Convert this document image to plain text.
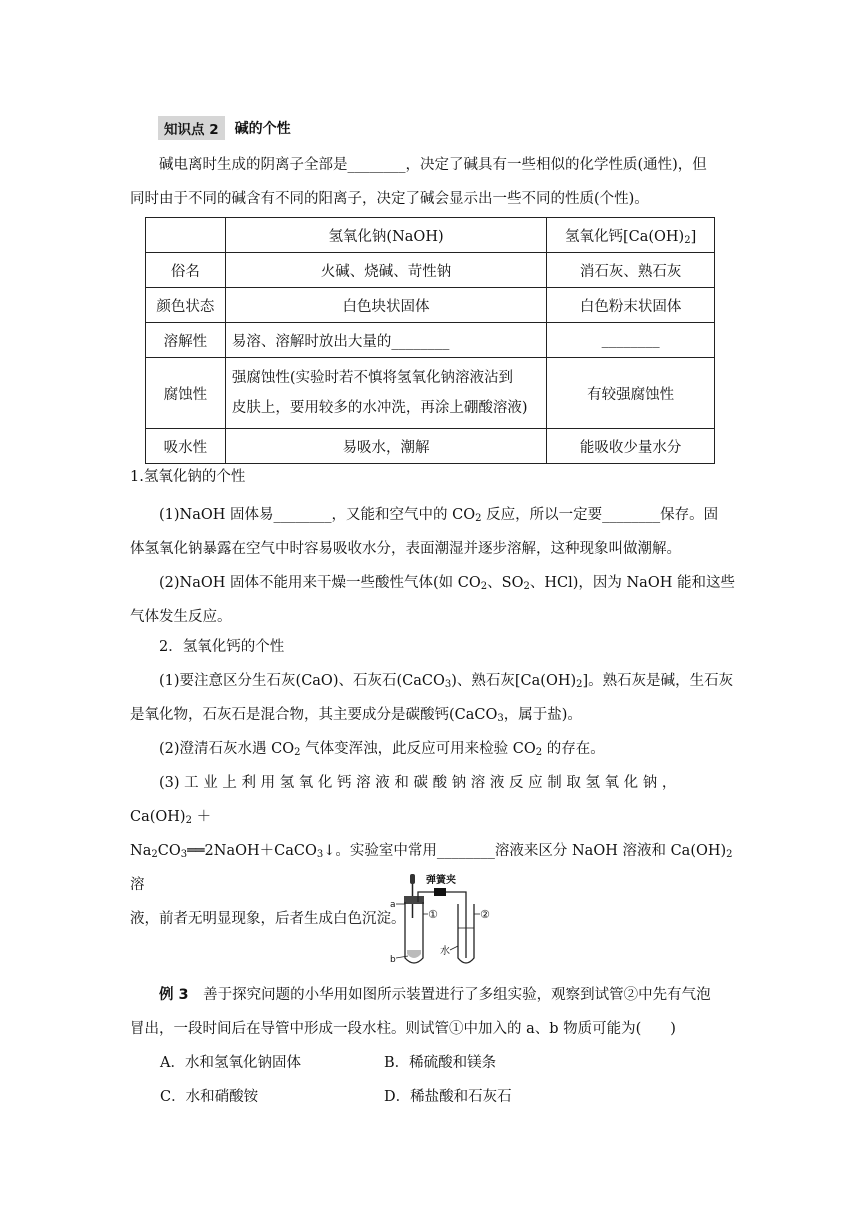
知识点 2	碱的个性
碱电离时生成的阴离子全部是________，决定了碱具有一些相似的化学性质(通性)，但
同时由于不同的碱含有不同的阳离子，决定了碱会显示出一些不同的性质(个性)。
	氢氧化钠(NaOH)	氢氧化钙$[Ca(OH)_2]$
俗名	火碱、烧碱、苛性钠	消石灰、熟石灰
颜色状态	白色块状固体	白色粉末状固体
溶解性	易溶、溶解时放出大量的________	________
腐蚀性	强腐蚀性(实验时若不慎将氢氧化钠溶液沾到
皮肤上，要用较多的水冲洗，再涂上硼酸溶液)	有较强腐蚀性
吸水性	易吸水，潮解	能吸收少量水分
1.氢氧化钠的个性
(1)NaOH 固体易________，又能和空气中的 $CO_2$ 反应，所以一定要________保存。固
体氢氧化钠暴露在空气中时容易吸收水分，表面潮湿并逐步溶解，这种现象叫做潮解。
(2)NaOH 固体不能用来干燥一些酸性气体(如 $CO_2$、$SO_2$、HCl)，因为 NaOH 能和这些
气体发生反应。
2．氢氧化钙的个性
(1)要注意区分生石灰(CaO)、石灰石(CaCO$_3$)、熟石灰$[Ca(OH)_2]$。熟石灰是碱，生石灰
是氧化物，石灰石是混合物，其主要成分是碳酸钙(CaCO$_3$，属于盐)。
(2)澄清石灰水遇 $CO_2$ 气体变浑浊，此反应可用来检验 $CO_2$ 的存在。
(3) 工 业 上 利 用 氢 氧 化 钙 溶 液 和 碳 酸 钠 溶 液 反 应 制 取 氢 氧 化 钠 ， $Ca(OH)_2$ ＋
$Na_2CO_3══2NaOH+CaCO_3↓$。实验室中常用________溶液来区分 NaOH 溶液和 $Ca(OH)_2$ 溶
液，前者无明显现象，后者生成白色沉淀。
弹簧夹
a
b
①	②
水
例 3　善于探究问题的小华用如图所示装置进行了多组实验，观察到试管②中先有气泡
冒出，一段时间后在导管中形成一段水柱。则试管①中加入的 a、b 物质可能为(　　)
A．水和氢氧化钠固体	B．稀硫酸和镁条
C．水和硝酸铵	D．稀盐酸和石灰石
